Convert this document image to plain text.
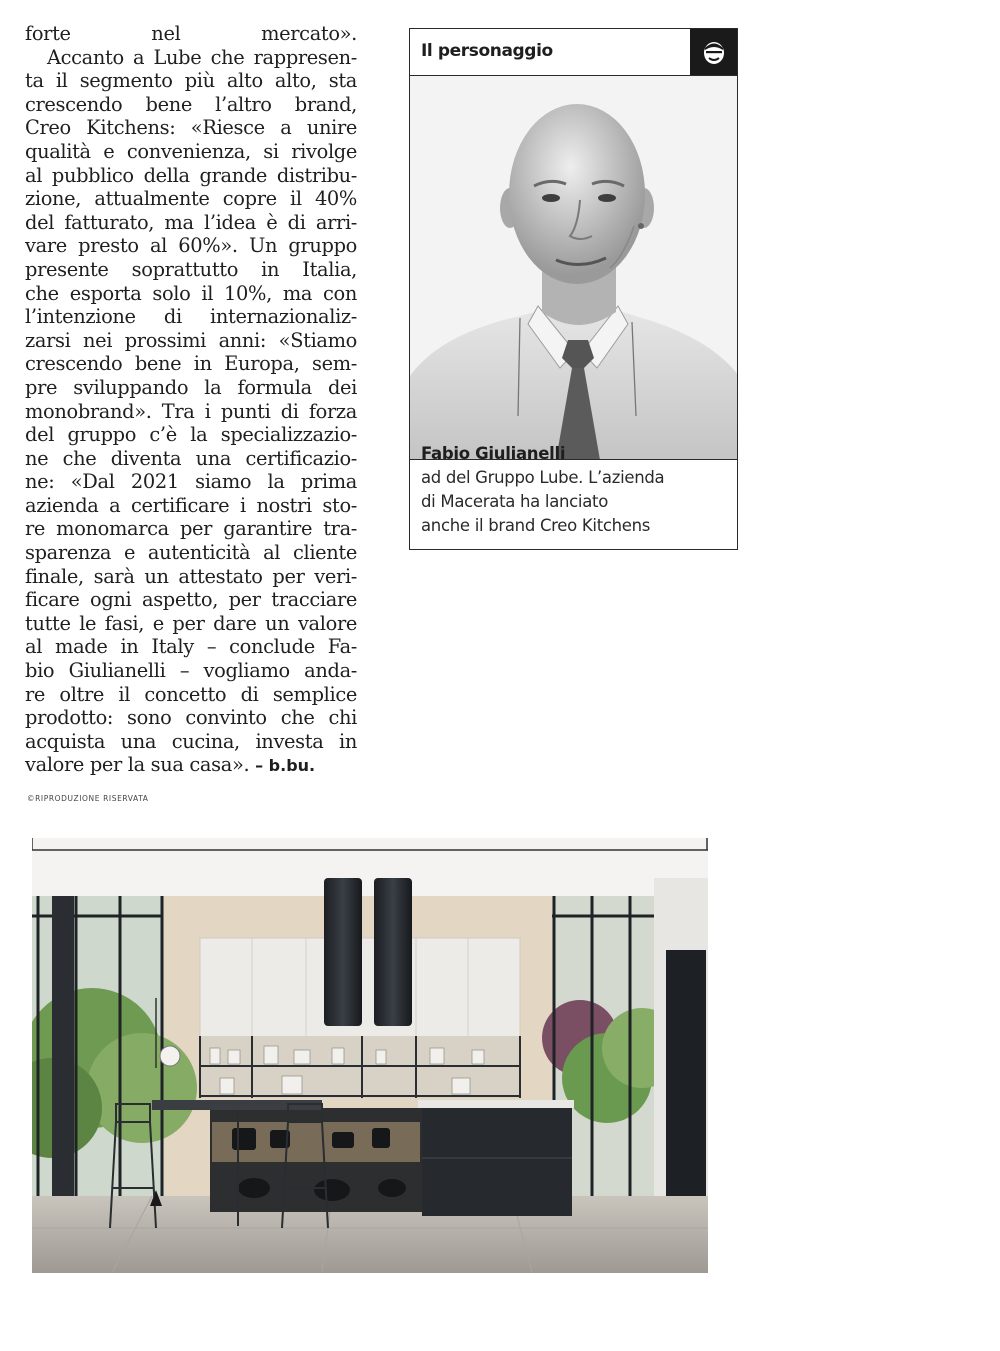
forte nel mercato».
Accanto a Lube che rappresen-
ta il segmento più alto alto, sta
crescendo bene l’altro brand,
Creo Kitchens: «Riesce a unire
qualità e convenienza, si rivolge
al pubblico della grande distribu-
zione, attualmente copre il 40%
del fatturato, ma l’idea è di arri-
vare presto al 60%». Un gruppo
presente soprattutto in Italia,
che esporta solo il 10%, ma con
l’intenzione di internazionaliz-
zarsi nei prossimi anni: «Stiamo
crescendo bene in Europa, sem-
pre sviluppando la formula dei
monobrand». Tra i punti di forza
del gruppo c’è la specializzazio-
ne che diventa una certificazio-
ne: «Dal 2021 siamo la prima
azienda a certificare i nostri sto-
re monomarca per garantire tra-
sparenza e autenticità al cliente
finale, sarà un attestato per veri-
ficare ogni aspetto, per tracciare
tutte le fasi, e per dare un valore
al made in Italy – conclude Fa-
bio Giulianelli – vogliamo anda-
re oltre il concetto di semplice
prodotto: sono convinto che chi
acquista una cucina, investa in
valore per la sua casa». – b.bu.
©RIPRODUZIONE RISERVATA
Il personaggio
Fabio Giulianelli
ad del Gruppo Lube. L’azienda
di Macerata ha lanciato
anche il brand Creo Kitchens
